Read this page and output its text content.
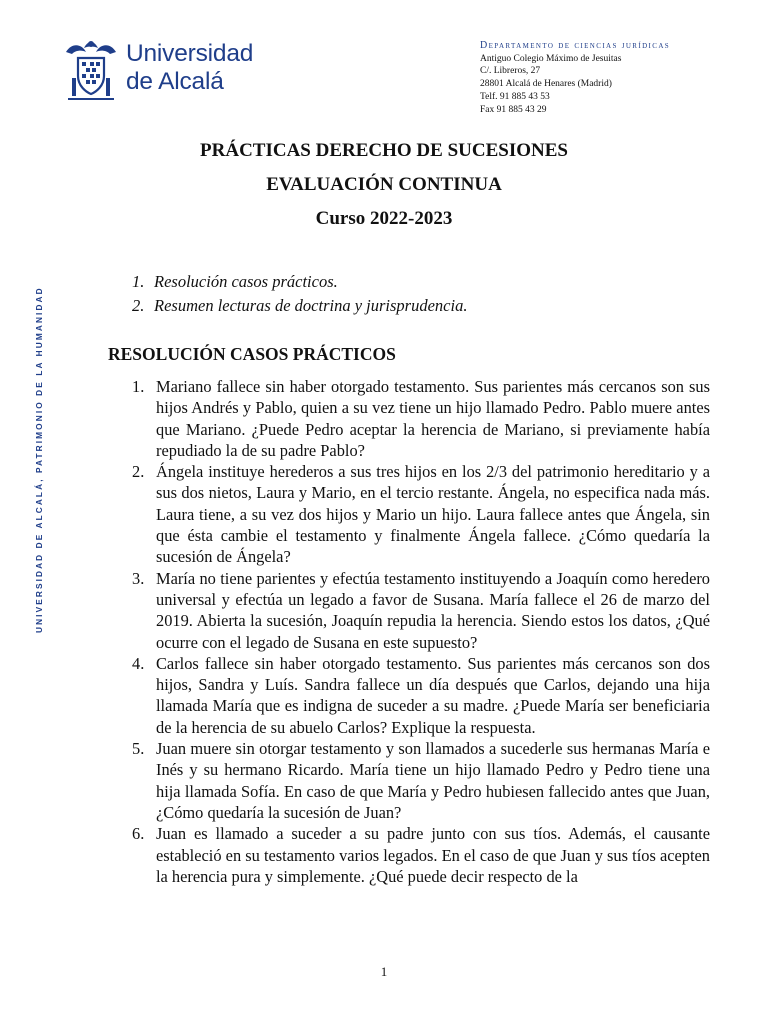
Universidad
de Alcalá
Departamento de ciencias jurídicas
Antiguo Colegio Máximo de Jesuitas
C/. Libreros, 27
28801 Alcalá de Henares (Madrid)
Telf. 91 885 43 53
Fax 91 885 43 29
UNIVERSIDAD DE ALCALÁ, PATRIMONIO DE LA HUMANIDAD
PRÁCTICAS DERECHO DE SUCESIONES
EVALUACIÓN CONTINUA
Curso 2022-2023
1. Resolución casos prácticos.
2. Resumen lecturas de doctrina y jurisprudencia.
RESOLUCIÓN CASOS PRÁCTICOS
1. Mariano fallece sin haber otorgado testamento. Sus parientes más cercanos son sus hijos Andrés y Pablo, quien a su vez tiene un hijo llamado Pedro. Pablo muere antes que Mariano. ¿Puede Pedro aceptar la herencia de Mariano, si previamente había repudiado la de su padre Pablo?
2. Ángela instituye herederos a sus tres hijos en los 2/3 del patrimonio hereditario y a sus dos nietos, Laura y Mario, en el tercio restante. Ángela, no especifica nada más. Laura tiene, a su vez dos hijos y Mario un hijo. Laura fallece antes que Ángela, sin que ésta cambie el testamento y finalmente Ángela fallece. ¿Cómo quedaría la sucesión de Ángela?
3. María no tiene parientes y efectúa testamento instituyendo a Joaquín como heredero universal y efectúa un legado a favor de Susana. María fallece el 26 de marzo del 2019. Abierta la sucesión, Joaquín repudia la herencia. Siendo estos los datos, ¿Qué ocurre con el legado de Susana en este supuesto?
4. Carlos fallece sin haber otorgado testamento. Sus parientes más cercanos son dos hijos, Sandra y Luís. Sandra fallece un día después que Carlos, dejando una hija llamada María que es indigna de suceder a su madre. ¿Puede María ser beneficiaria de la herencia de su abuelo Carlos? Explique la respuesta.
5. Juan muere sin otorgar testamento y son llamados a sucederle sus hermanas María e Inés y su hermano Ricardo. María tiene un hijo llamado Pedro y Pedro tiene una hija llamada Sofía. En caso de que María y Pedro hubiesen fallecido antes que Juan, ¿Cómo quedaría la sucesión de Juan?
6. Juan es llamado a suceder a su padre junto con sus tíos. Además, el causante estableció en su testamento varios legados. En el caso de que Juan y sus tíos acepten la herencia pura y simplemente. ¿Qué puede decir respecto de la
1
